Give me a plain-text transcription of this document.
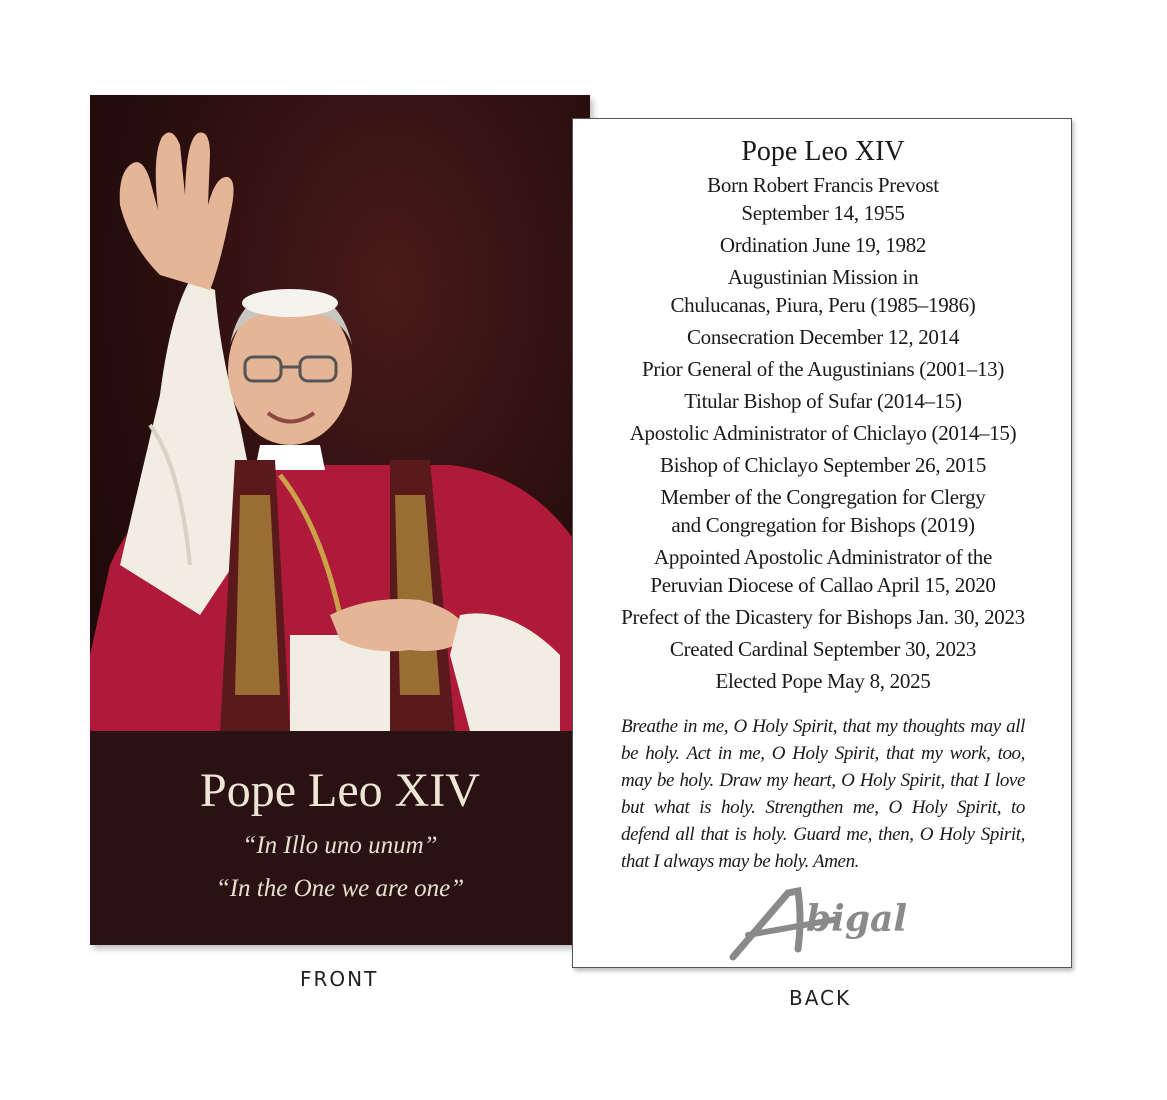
Pope Leo XIV
“In Illo uno unum”
“In the One we are one”
FRONT
Pope Leo XIV
Born Robert Francis Prevost
September 14, 1955
Ordination June 19, 1982
Augustinian Mission in
Chulucanas, Piura, Peru (1985–1986)
Consecration December 12, 2014
Prior General of the Augustinians (2001–13)
Titular Bishop of Sufar (2014–15)
Apostolic Administrator of Chiclayo (2014–15)
Bishop of Chiclayo September 26, 2015
Member of the Congregation for Clergy
and Congregation for Bishops (2019)
Appointed Apostolic Administrator of the
Peruvian Diocese of Callao April 15, 2020
Prefect of the Dicastery for Bishops Jan. 30, 2023
Created Cardinal September 30, 2023
Elected Pope May 8, 2025
Breathe in me, O Holy Spirit, that my thoughts may all be holy. Act in me, O Holy Spirit, that my work, too, may be holy. Draw my heart, O Holy Spirit, that I love but what is holy. Strengthen me, O Holy Spirit, to defend all that is holy. Guard me, then, O Holy Spirit, that I always may be holy. Amen.
bigal
BACK
